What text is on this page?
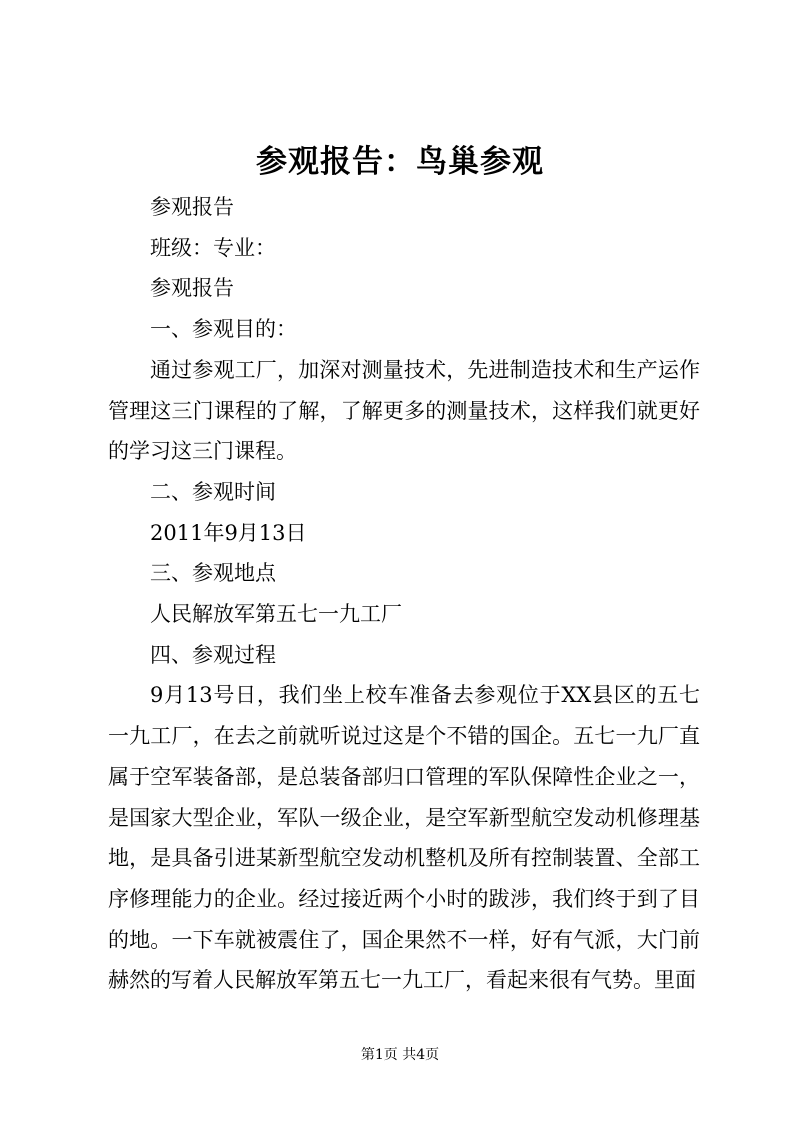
参观报告：鸟巢参观

参观报告

班级：专业：

参观报告

一、参观目的：

通过参观工厂，加深对测量技术，先进制造技术和生产运作管理这三门课程的了解，了解更多的测量技术，这样我们就更好的学习这三门课程。

二、参观时间

2011年9月13日

三、参观地点

人民解放军第五七一九工厂

四、参观过程

9月13号日，我们坐上校车准备去参观位于XX县区的五七一九工厂，在去之前就听说过这是个不错的国企。五七一九厂直属于空军装备部，是总装备部归口管理的军队保障性企业之一，是国家大型企业，军队一级企业，是空军新型航空发动机修理基地，是具备引进某新型航空发动机整机及所有控制装置、全部工序修理能力的企业。经过接近两个小时的跋涉，我们终于到了目的地。一下车就被震住了，国企果然不一样，好有气派，大门前赫然的写着人民解放军第五七一九工厂，看起来很有气势。里面

第1页 共4页
